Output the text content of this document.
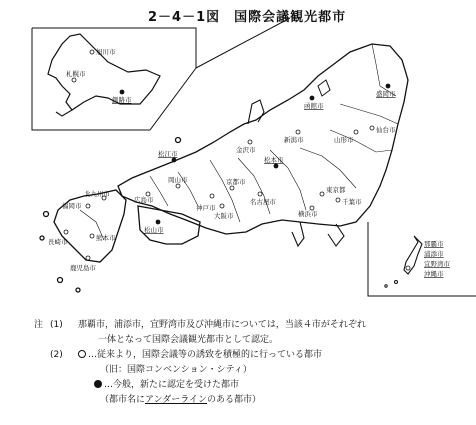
2－4－1図 国際会議観光都市
旭川市
札幌市
釧路市
盛岡市
仙台市
山形市
函館市
金沢市
新潟市
松江市
岡山市
広島市
福岡市
北九州市
熊本市
長崎市
鹿児島市
松山市
神戸市
大阪市
京都市
名古屋市
松本市
東京都
横浜市
千葉市
那覇市
浦添市
宜野湾市
沖縄市
注 (1) 那覇市，浦添市，宜野湾市及び沖縄市については，当該４市がそれぞれ
一体となって国際会議観光都市として認定。
(2)	…従来より，国際会議等の誘致を積極的に行っている都市
（旧：国際コンベンション・シティ）
…今般，新たに認定を受けた都市
（都市名にアンダーラインのある都市）
